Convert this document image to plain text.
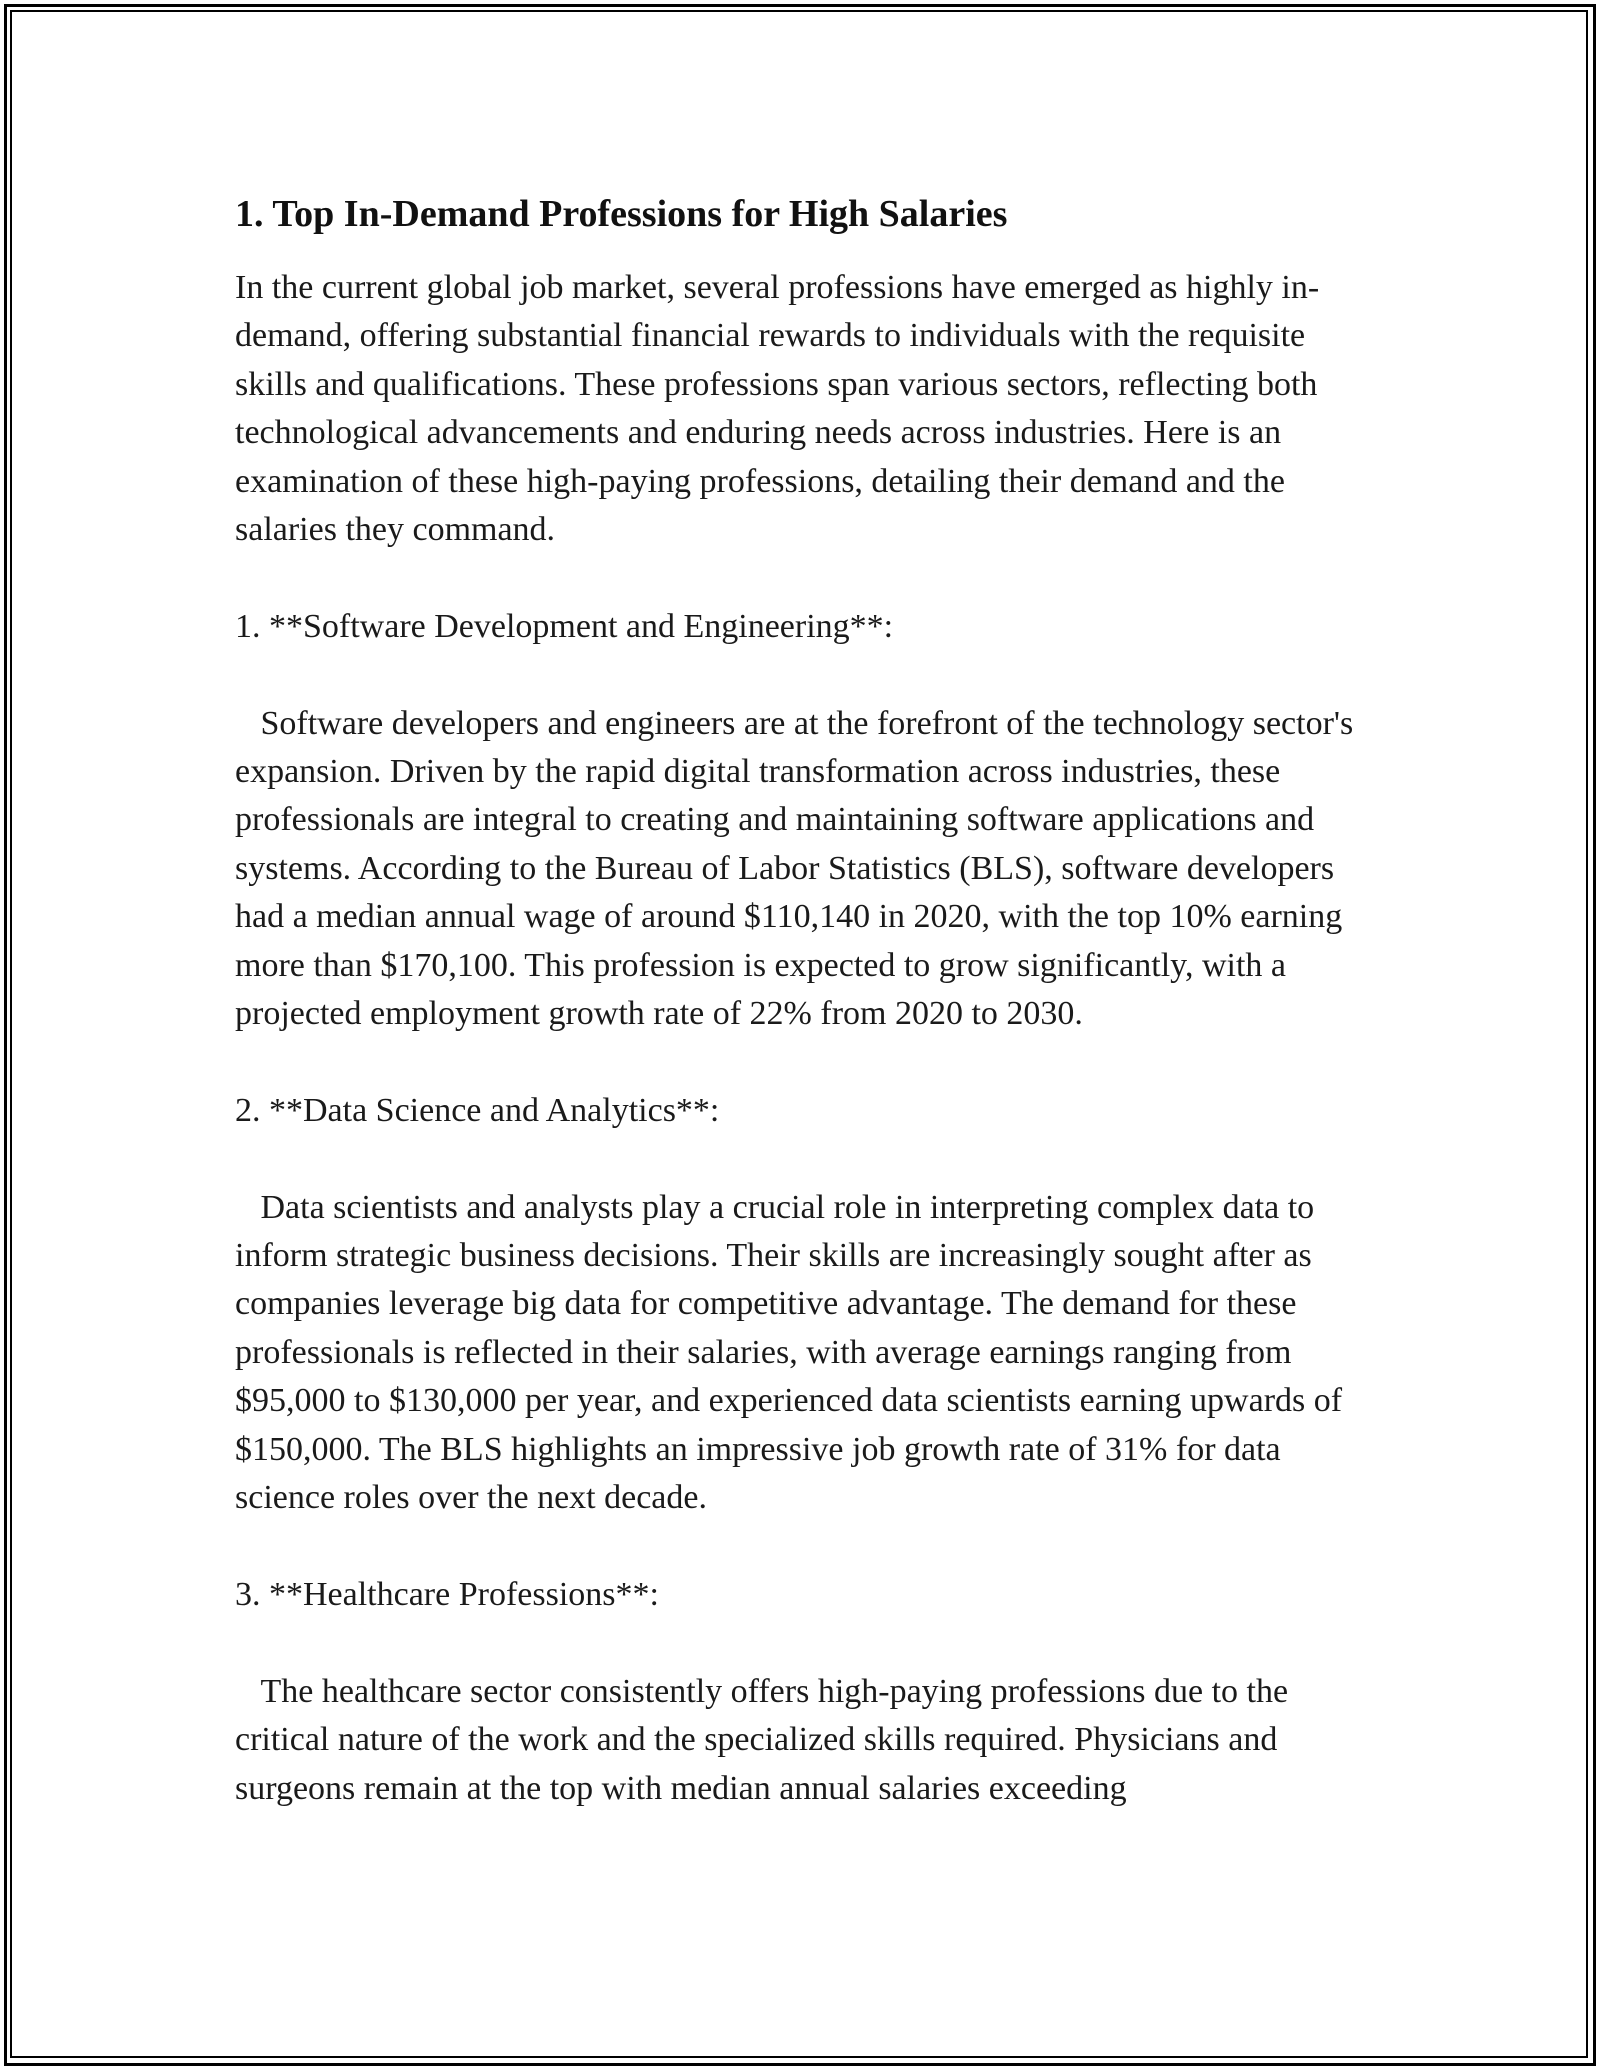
1. Top In-Demand Professions for High Salaries

In the current global job market, several professions have emerged as highly in-demand, offering substantial financial rewards to individuals with the requisite skills and qualifications. These professions span various sectors, reflecting both technological advancements and enduring needs across industries. Here is an examination of these high-paying professions, detailing their demand and the salaries they command.

1. **Software Development and Engineering**:

Software developers and engineers are at the forefront of the technology sector's expansion. Driven by the rapid digital transformation across industries, these professionals are integral to creating and maintaining software applications and systems. According to the Bureau of Labor Statistics (BLS), software developers had a median annual wage of around $110,140 in 2020, with the top 10% earning more than $170,100. This profession is expected to grow significantly, with a projected employment growth rate of 22% from 2020 to 2030.

2. **Data Science and Analytics**:

Data scientists and analysts play a crucial role in interpreting complex data to inform strategic business decisions. Their skills are increasingly sought after as companies leverage big data for competitive advantage. The demand for these professionals is reflected in their salaries, with average earnings ranging from $95,000 to $130,000 per year, and experienced data scientists earning upwards of $150,000. The BLS highlights an impressive job growth rate of 31% for data science roles over the next decade.

3. **Healthcare Professions**:

The healthcare sector consistently offers high-paying professions due to the critical nature of the work and the specialized skills required. Physicians and surgeons remain at the top with median annual salaries exceeding
